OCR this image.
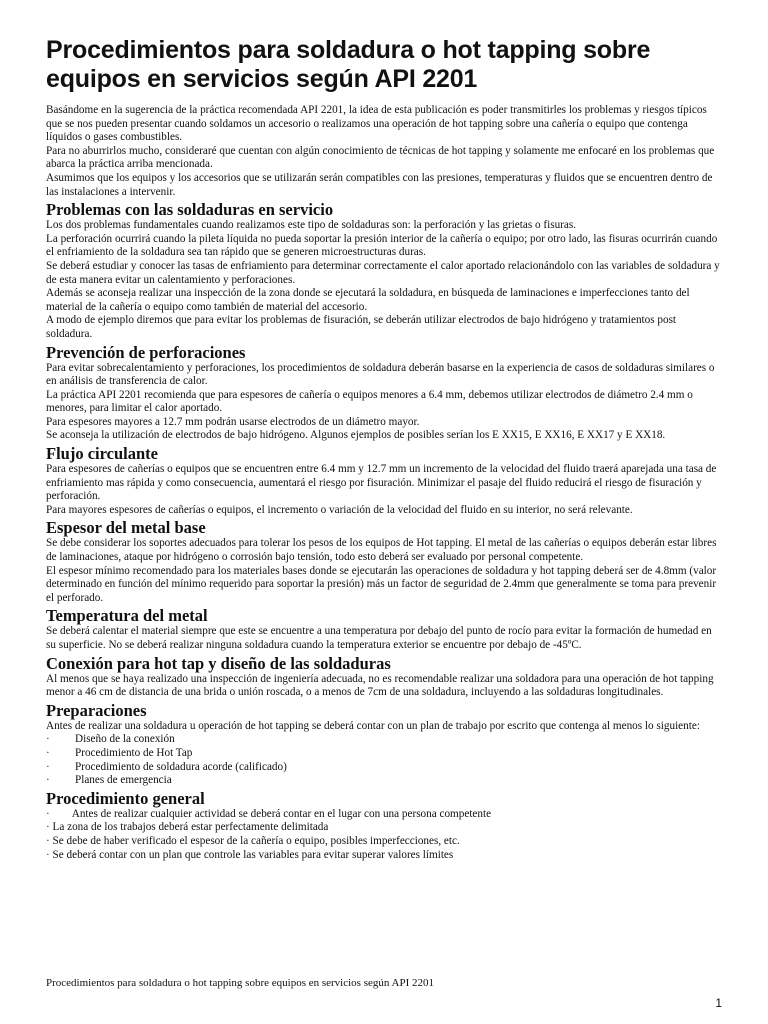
Procedimientos para soldadura o hot tapping sobre equipos en servicios según API 2201

Basándome en la sugerencia de la práctica recomendada API 2201, la idea de esta publicación es poder transmitirles los problemas y riesgos típicos que se nos pueden presentar cuando soldamos un accesorio o realizamos una operación de hot tapping sobre una cañería o equipo que contenga líquidos o gases combustibles.

Para no aburrirlos mucho, consideraré que cuentan con algún conocimiento de técnicas de hot tapping y solamente me enfocaré en los problemas que abarca la práctica arriba mencionada.

Asumimos que los equipos y los accesorios que se utilizarán serán compatibles con las presiones, temperaturas y fluidos que se encuentren dentro de las instalaciones a intervenir.

Problemas con las soldaduras en servicio

Los dos problemas fundamentales cuando realizamos este tipo de soldaduras son: la perforación y las grietas o fisuras.

La perforación ocurrirá cuando la pileta líquida no pueda soportar la presión interior de la cañería o equipo; por otro lado, las fisuras ocurrirán cuando el enfriamiento de la soldadura sea tan rápido que se generen microestructuras duras.

Se deberá estudiar y conocer las tasas de enfriamiento para determinar correctamente el calor aportado relacionándolo con las variables de soldadura y de esta manera evitar un calentamiento y perforaciones.

Además se aconseja realizar una inspección de la zona donde se ejecutará la soldadura, en búsqueda de laminaciones e imperfecciones tanto del material de la cañería o equipo como también de material del accesorio.

A modo de ejemplo diremos que para evitar los problemas de fisuración, se deberán utilizar electrodos de bajo hidrógeno y tratamientos post soldadura.

Prevención de perforaciones

Para evitar sobrecalentamiento y perforaciones, los procedimientos de soldadura deberán basarse en la experiencia de casos de soldaduras similares o en análisis de transferencia de calor.

La práctica API 2201 recomienda que para espesores de cañería o equipos menores a 6.4 mm, debemos utilizar electrodos de diámetro 2.4 mm o menores, para limitar el calor aportado.

Para espesores mayores a 12.7 mm podrán usarse electrodos de un diámetro mayor.

Se aconseja la utilización de electrodos de bajo hidrógeno. Algunos ejemplos de posibles serían los E XX15, E XX16, E XX17 y E XX18.

Flujo circulante

Para espesores de cañerías o equipos que se encuentren entre 6.4 mm y 12.7 mm un incremento de la velocidad del fluido traerá aparejada una tasa de enfriamiento mas rápida y como consecuencia, aumentará el riesgo por fisuración. Minimizar el pasaje del fluido reducirá el riesgo de fisuración y perforación.

Para mayores espesores de cañerías o equipos, el incremento o variación de la velocidad del fluido en su interior, no será relevante.

Espesor del metal base

Se debe considerar los soportes adecuados para tolerar los pesos de los equipos de Hot tapping. El metal de las cañerías o equipos deberán estar libres de laminaciones, ataque por hidrógeno o corrosión bajo tensión, todo esto deberá ser evaluado por personal competente.

El espesor mínimo recomendado para los materiales bases donde se ejecutarán las operaciones de soldadura y hot tapping deberá ser de 4.8mm (valor determinado en función del mínimo requerido para soportar la presión) más un factor de seguridad de 2.4mm que generalmente se toma para prevenir el perforado.

Temperatura del metal

Se deberá calentar el material siempre que este se encuentre a una temperatura por debajo del punto de rocío para evitar la formación de humedad en su superficie. No se deberá realizar ninguna soldadura cuando la temperatura exterior se encuentre por debajo de -45ºC.

Conexión para hot tap y diseño de las soldaduras

Al menos que se haya realizado una inspección de ingeniería adecuada, no es recomendable realizar una soldadora para una operación de hot tapping menor a 46 cm de distancia de una brida o unión roscada, o a menos de 7cm de una soldadura, incluyendo a las soldaduras longitudinales.

Preparaciones

Antes de realizar una soldadura u operación de hot tapping se deberá contar con un plan de trabajo por escrito que contenga al menos lo siguiente:

· Diseño de la conexión
· Procedimiento de Hot Tap
· Procedimiento de soldadura acorde (calificado)
· Planes de emergencia
Procedimiento general
· Antes de realizar cualquier actividad se deberá contar en el lugar con una persona competente
· La zona de los trabajos deberá estar perfectamente delimitada
· Se debe de haber verificado el espesor de la cañería o equipo, posibles imperfecciones, etc.
· Se deberá contar con un plan que controle las variables para evitar superar valores límites
Procedimientos para soldadura o hot tapping sobre equipos en servicios según API 2201
1
